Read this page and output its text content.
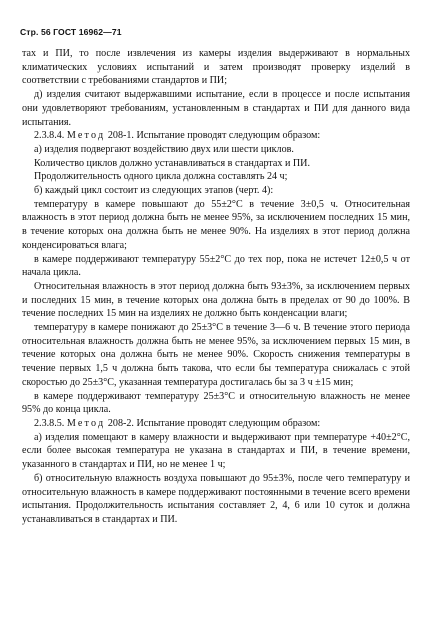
Стр. 56 ГОСТ 16962—71

тах и ПИ, то после извлечения из камеры изделия выдерживают в нормальных климатических условиях испытаний и затем производят проверку изделий в соответствии с требованиями стандартов и ПИ;

д) изделия считают выдержавшими испытание, если в процессе и после испытания они удовлетворяют требованиям, установленным в стандартах и ПИ для данного вида испытания.

2.3.8.4. Метод 208-1. Испытание проводят следующим образом:

а) изделия подвергают воздействию двух или шести циклов.

Количество циклов должно устанавливаться в стандартах и ПИ.

Продолжительность одного цикла должна составлять 24 ч;

б) каждый цикл состоит из следующих этапов (черт. 4):

температуру в камере повышают до 55±2°С в течение 3±0,5 ч. Относительная влажность в этот период должна быть не менее 95%, за исключением последних 15 мин, в течение которых она должна быть не менее 90%. На изделиях в этот период должна конденсироваться влага;

в камере поддерживают температуру 55±2°С до тех пор, пока не истечет 12±0,5 ч от начала цикла.

Относительная влажность в этот период должна быть 93±3%, за исключением первых и последних 15 мин, в течение которых она должна быть в пределах от 90 до 100%. В течение последних 15 мин на изделиях не должно быть конденсации влаги;

температуру в камере понижают до 25±3°С в течение 3—6 ч. В течение этого периода относительная влажность должна быть не менее 95%, за исключением первых 15 мин, в течение которых она должна быть не менее 90%. Скорость снижения температуры в течение первых 1,5 ч должна быть такова, что если бы температура снижалась с этой скоростью до 25±3°С, указанная температура достигалась бы за 3 ч ±15 мин;

в камере поддерживают температуру 25±3°С и относительную влажность не менее 95% до конца цикла.

2.3.8.5. Метод 208-2. Испытание проводят следующим образом:

а) изделия помещают в камеру влажности и выдерживают при температуре +40±2°С, если более высокая температура не указана в стандартах и ПИ, в течение времени, указанного в стандартах и ПИ, но не менее 1 ч;

б) относительную влажность воздуха повышают до 95±3%, после чего температуру и относительную влажность в камере поддерживают постоянными в течение всего времени испытания. Продолжительность испытания составляет 2, 4, 6 или 10 суток и должна устанавливаться в стандартах и ПИ.
